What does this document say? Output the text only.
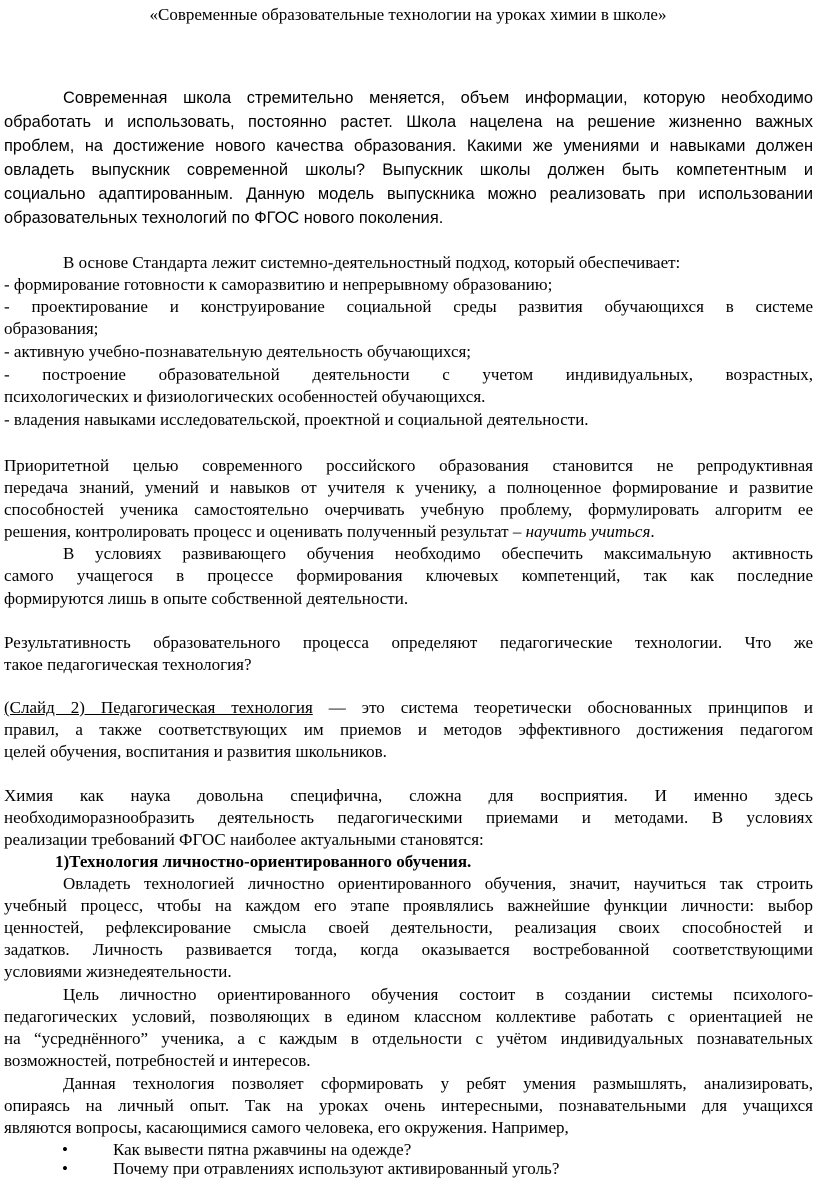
«Современные образовательные технологии на уроках химии в школе»
Современная школа стремительно меняется, объем информации, которую необходимо
обработать и использовать, постоянно растет. Школа нацелена на решение жизненно важных
проблем, на достижение нового качества образования. Какими же умениями и навыками должен
овладеть выпускник современной школы? Выпускник школы должен быть компетентным и
социально адаптированным. Данную модель выпускника можно реализовать при использовании
образовательных технологий по ФГОС нового поколения.
В основе Стандарта лежит системно-деятельностный подход, который обеспечивает:
- формирование готовности к саморазвитию и непрерывному образованию;
- проектирование и конструирование социальной среды развития обучающихся в системе
образования;
- активную учебно-познавательную деятельность обучающихся;
- построение образовательной деятельности с учетом индивидуальных, возрастных,
психологических и физиологических особенностей обучающихся.
- владения навыками исследовательской, проектной и социальной деятельности.
Приоритетной целью современного российского образования становится не репродуктивная
передача знаний, умений и навыков от учителя к ученику, а полноценное формирование и развитие
способностей ученика самостоятельно очерчивать учебную проблему, формулировать алгоритм ее
решения, контролировать процесс и оценивать полученный результат – научить учиться.
В условиях развивающего обучения необходимо обеспечить максимальную активность
самого учащегося в процессе формирования ключевых компетенций, так как последние
формируются лишь в опыте собственной деятельности.
Результативность образовательного процесса определяют педагогические технологии. Что же
такое педагогическая технология?
(Слайд 2) Педагогическая технология — это система теоретически обоснованных принципов и
правил, а также соответствующих им приемов и методов эффективного достижения педагогом
целей обучения, воспитания и развития школьников.
Химия как наука довольна специфична, сложна для восприятия. И именно здесь
необходиморазнообразить деятельность педагогическими приемами и методами. В условиях
реализации требований ФГОС наиболее актуальными становятся:
1)Технология личностно-ориентированного обучения.
Овладеть технологией личностно ориентированного обучения, значит, научиться так строить
учебный процесс, чтобы на каждом его этапе проявлялись важнейшие функции личности: выбор
ценностей, рефлексирование смысла своей деятельности, реализация своих способностей и
задатков. Личность развивается тогда, когда оказывается востребованной соответствующими
условиями жизнедеятельности.
Цель личностно ориентированного обучения состоит в создании системы психолого-
педагогических условий, позволяющих в едином классном коллективе работать с ориентацией не
на “усреднённого” ученика, а с каждым в отдельности с учётом индивидуальных познавательных
возможностей, потребностей и интересов.
Данная технология позволяет сформировать у ребят умения размышлять, анализировать,
опираясь на личный опыт. Так на уроках очень интересными, познавательными для учащихся
являются вопросы, касающимися самого человека, его окружения. Например,
•	Как вывести пятна ржавчины на одежде?
•	Почему при отравлениях используют активированный уголь?
